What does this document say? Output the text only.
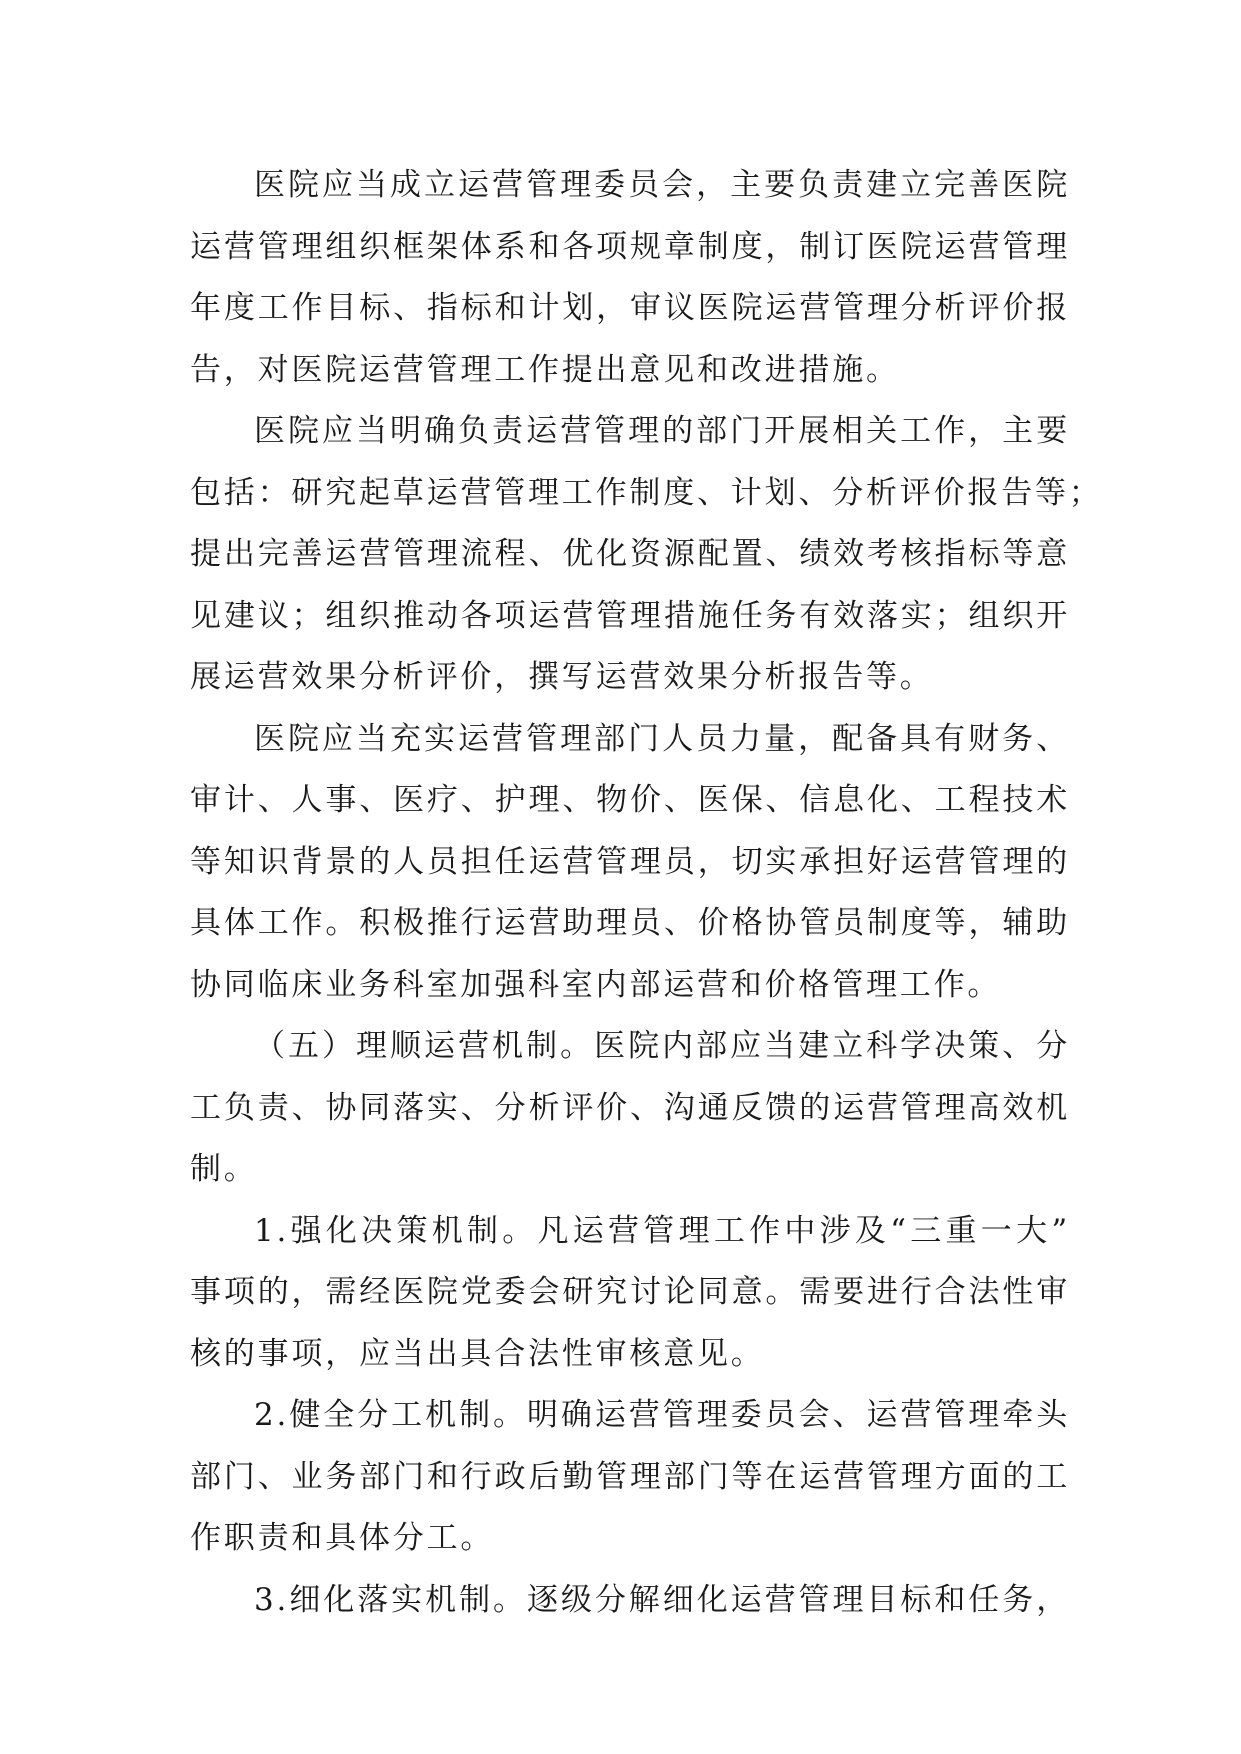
医院应当成立运营管理委员会，主要负责建立完善医院
运营管理组织框架体系和各项规章制度，制订医院运营管理
年度工作目标、指标和计划，审议医院运营管理分析评价报
告，对医院运营管理工作提出意见和改进措施。
医院应当明确负责运营管理的部门开展相关工作，主要
包括：研究起草运营管理工作制度、计划、分析评价报告等；
提出完善运营管理流程、优化资源配置、绩效考核指标等意
见建议；组织推动各项运营管理措施任务有效落实；组织开
展运营效果分析评价，撰写运营效果分析报告等。
医院应当充实运营管理部门人员力量，配备具有财务、
审计、人事、医疗、护理、物价、医保、信息化、工程技术
等知识背景的人员担任运营管理员，切实承担好运营管理的
具体工作。积极推行运营助理员、价格协管员制度等，辅助
协同临床业务科室加强科室内部运营和价格管理工作。
（五）理顺运营机制。医院内部应当建立科学决策、分
工负责、协同落实、分析评价、沟通反馈的运营管理高效机
制。
1.强化决策机制。凡运营管理工作中涉及“三重一大”
事项的，需经医院党委会研究讨论同意。需要进行合法性审
核的事项，应当出具合法性审核意见。
2.健全分工机制。明确运营管理委员会、运营管理牵头
部门、业务部门和行政后勤管理部门等在运营管理方面的工
作职责和具体分工。
3.细化落实机制。逐级分解细化运营管理目标和任务，
